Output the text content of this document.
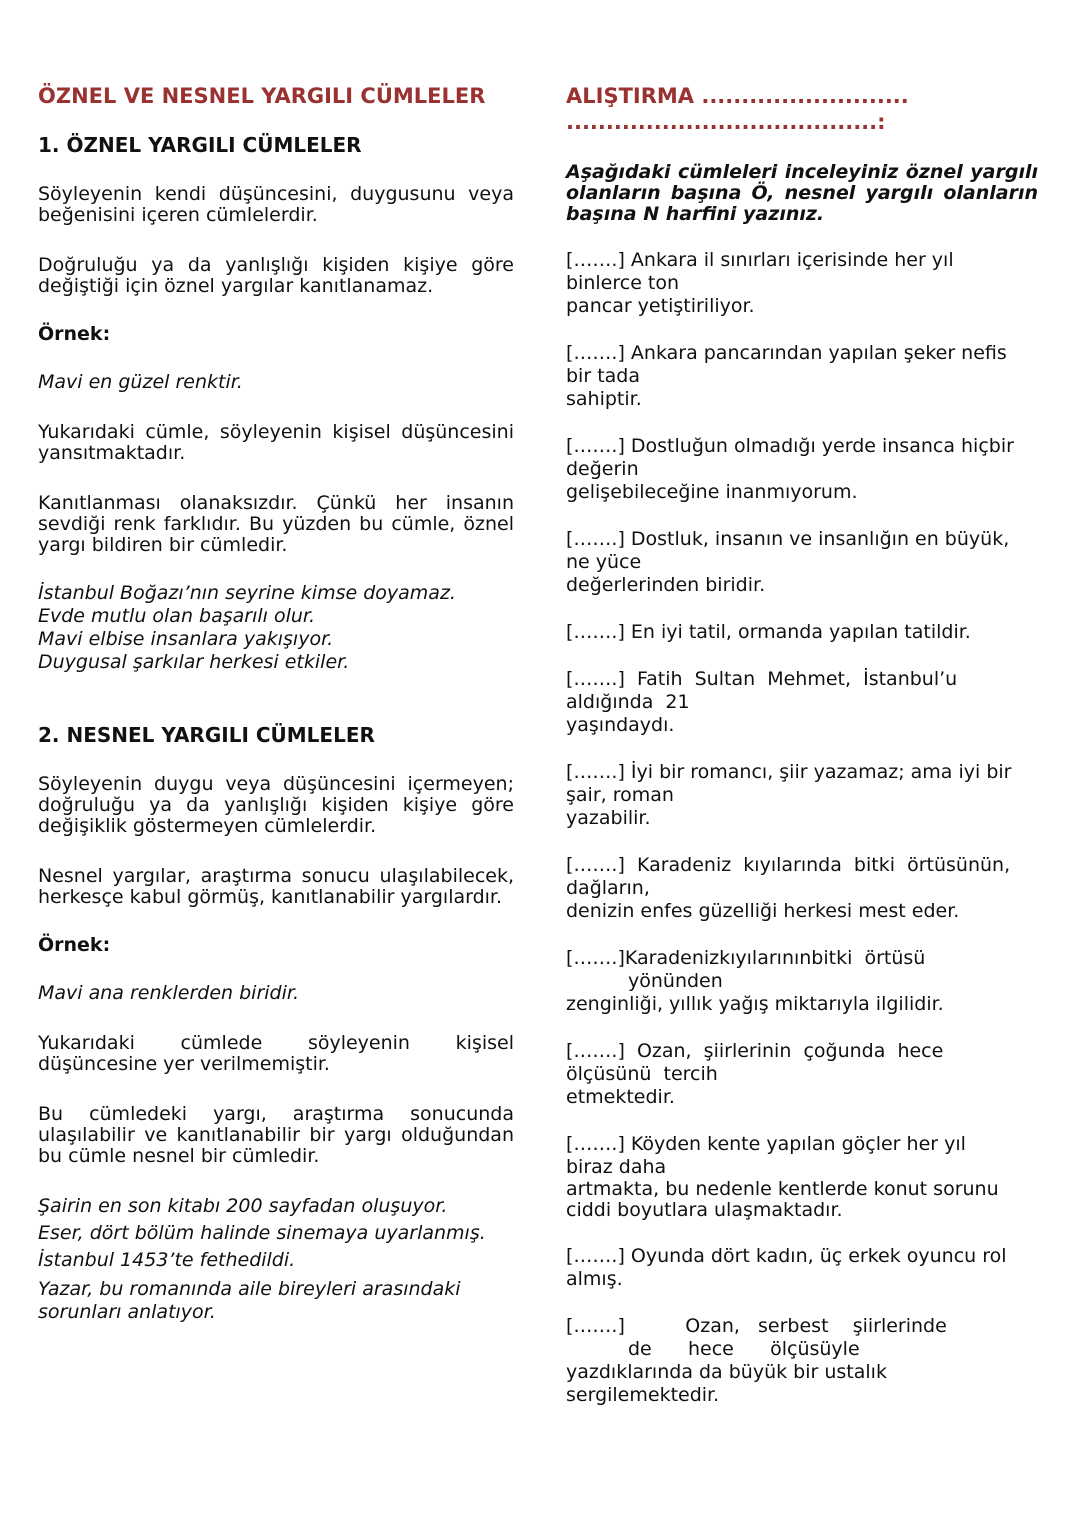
ÖZNEL VE NESNEL YARGILI CÜMLELER
1. ÖZNEL YARGILI CÜMLELER

Söyleyenin kendi düşüncesini, duygusunu veya beğenisini içeren cümlelerdir.

Doğruluğu ya da yanlışlığı kişiden kişiye göre değiştiği için öznel yargılar kanıtlanamaz.

Örnek:

Mavi en güzel renktir.

Yukarıdaki cümle, söyleyenin kişisel düşüncesini yansıtmaktadır.

Kanıtlanması olanaksızdır. Çünkü her insanın sevdiği renk farklıdır. Bu yüzden bu cümle, öznel yargı bildiren bir cümledir.

İstanbul Boğazı’nın seyrine kimse doyamaz.

Evde mutlu olan başarılı olur.

Mavi elbise insanlara yakışıyor.

Duygusal şarkılar herkesi etkiler.

2. NESNEL YARGILI CÜMLELER

Söyleyenin duygu veya düşüncesini içermeyen; doğruluğu ya da yanlışlığı kişiden kişiye göre değişiklik göstermeyen cümlelerdir.

Nesnel yargılar, araştırma sonucu ulaşılabilecek, herkesçe kabul görmüş, kanıtlanabilir yargılardır.

Örnek:

Mavi ana renklerden biridir.

Yukarıdaki cümlede söyleyenin kişisel düşüncesine yer verilmemiştir.

Bu cümledeki yargı, araştırma sonucunda ulaşılabilir ve kanıtlanabilir bir yargı olduğundan bu cümle nesnel bir cümledir.

Şairin en son kitabı 200 sayfadan oluşuyor.

Eser, dört bölüm halinde sinemaya uyarlanmış.

İstanbul 1453’te fethedildi.

Yazar, bu romanında aile bireyleri arasındaki sorunları anlatıyor.

ALIŞTIRMA ..........................
.......................................:

Aşağıdaki cümleleri inceleyiniz öznel yargılı olanların başına Ö, nesnel yargılı olanların başına N harfini yazınız.

[…….] Ankara il sınırları içerisinde her yıl
binlerce ton
pancar yetiştiriliyor.
[…….] Ankara pancarından yapılan şeker nefis
bir tada
sahiptir.
[…….] Dostluğun olmadığı yerde insanca hiçbir
değerin
gelişebileceğine inanmıyorum.
[…….] Dostluk, insanın ve insanlığın en büyük,
ne yüce
değerlerinden biridir.
[…….] En iyi tatil, ormanda yapılan tatildir.
[…….]  Fatih  Sultan  Mehmet,  İstanbul’u
aldığında  21
yaşındaydı.
[…….] İyi bir romancı, şiir yazamaz; ama iyi bir
şair, roman
yazabilir.
[…….]  Karadeniz  kıyılarında  bitki  örtüsünün,
dağların,
denizin enfes güzelliği herkesi mest eder.
[…….]Karadenizkıyılarınınbitki  örtüsü
yönünden
zenginliği, yıllık yağış miktarıyla ilgilidir.
[…….]  Ozan,  şiirlerinin  çoğunda  hece
ölçüsünü  tercih
etmektedir.
[…….] Köyden kente yapılan göçler her yıl
biraz daha
artmakta, bu nedenle kentlerde konut sorunu ciddi boyutlara ulaşmaktadır.
[…….] Oyunda dört kadın, üç erkek oyuncu rol
almış.
[…….]          Ozan,   serbest    şiirlerinde
de      hece      ölçüsüyle
yazdıklarında da büyük bir ustalık
sergilemektedir.
